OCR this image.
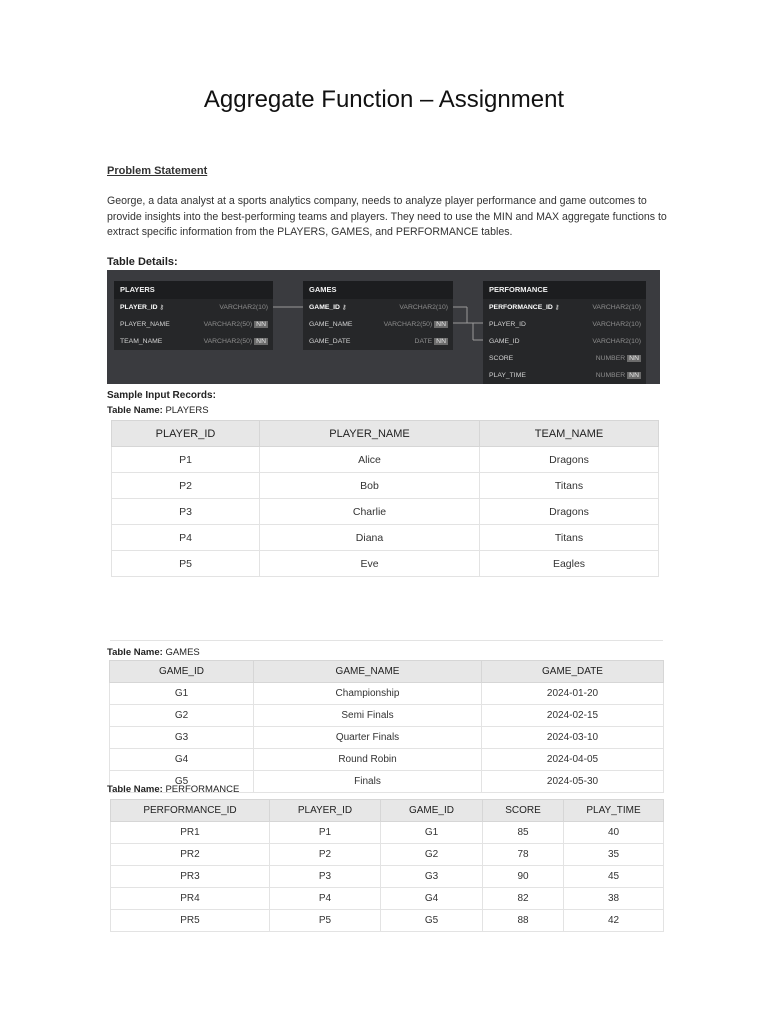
Aggregate Function – Assignment
Problem Statement
George, a data analyst at a sports analytics company, needs to analyze player performance and game outcomes to provide insights into the best-performing teams and players. They need to use the MIN and MAX aggregate functions to extract specific information from the PLAYERS, GAMES, and PERFORMANCE tables.
Table Details:
PLAYERS
PLAYER_ID ⚷	VARCHAR2(10)
PLAYER_NAME	VARCHAR2(50) NN
TEAM_NAME	VARCHAR2(50) NN
GAMES
GAME_ID ⚷	VARCHAR2(10)
GAME_NAME	VARCHAR2(50) NN
GAME_DATE	DATE NN
PERFORMANCE
PERFORMANCE_ID ⚷	VARCHAR2(10)
PLAYER_ID	VARCHAR2(10)
GAME_ID	VARCHAR2(10)
SCORE	NUMBER NN
PLAY_TIME	NUMBER NN
Sample Input Records:
Table Name: PLAYERS
PLAYER_ID	PLAYER_NAME	TEAM_NAME
P1	Alice	Dragons
P2	Bob	Titans
P3	Charlie	Dragons
P4	Diana	Titans
P5	Eve	Eagles
Table Name: GAMES
GAME_ID	GAME_NAME	GAME_DATE
G1	Championship	2024-01-20
G2	Semi Finals	2024-02-15
G3	Quarter Finals	2024-03-10
G4	Round Robin	2024-04-05
G5	Finals	2024-05-30
Table Name: PERFORMANCE
PERFORMANCE_ID	PLAYER_ID	GAME_ID	SCORE	PLAY_TIME
PR1	P1	G1	85	40
PR2	P2	G2	78	35
PR3	P3	G3	90	45
PR4	P4	G4	82	38
PR5	P5	G5	88	42
